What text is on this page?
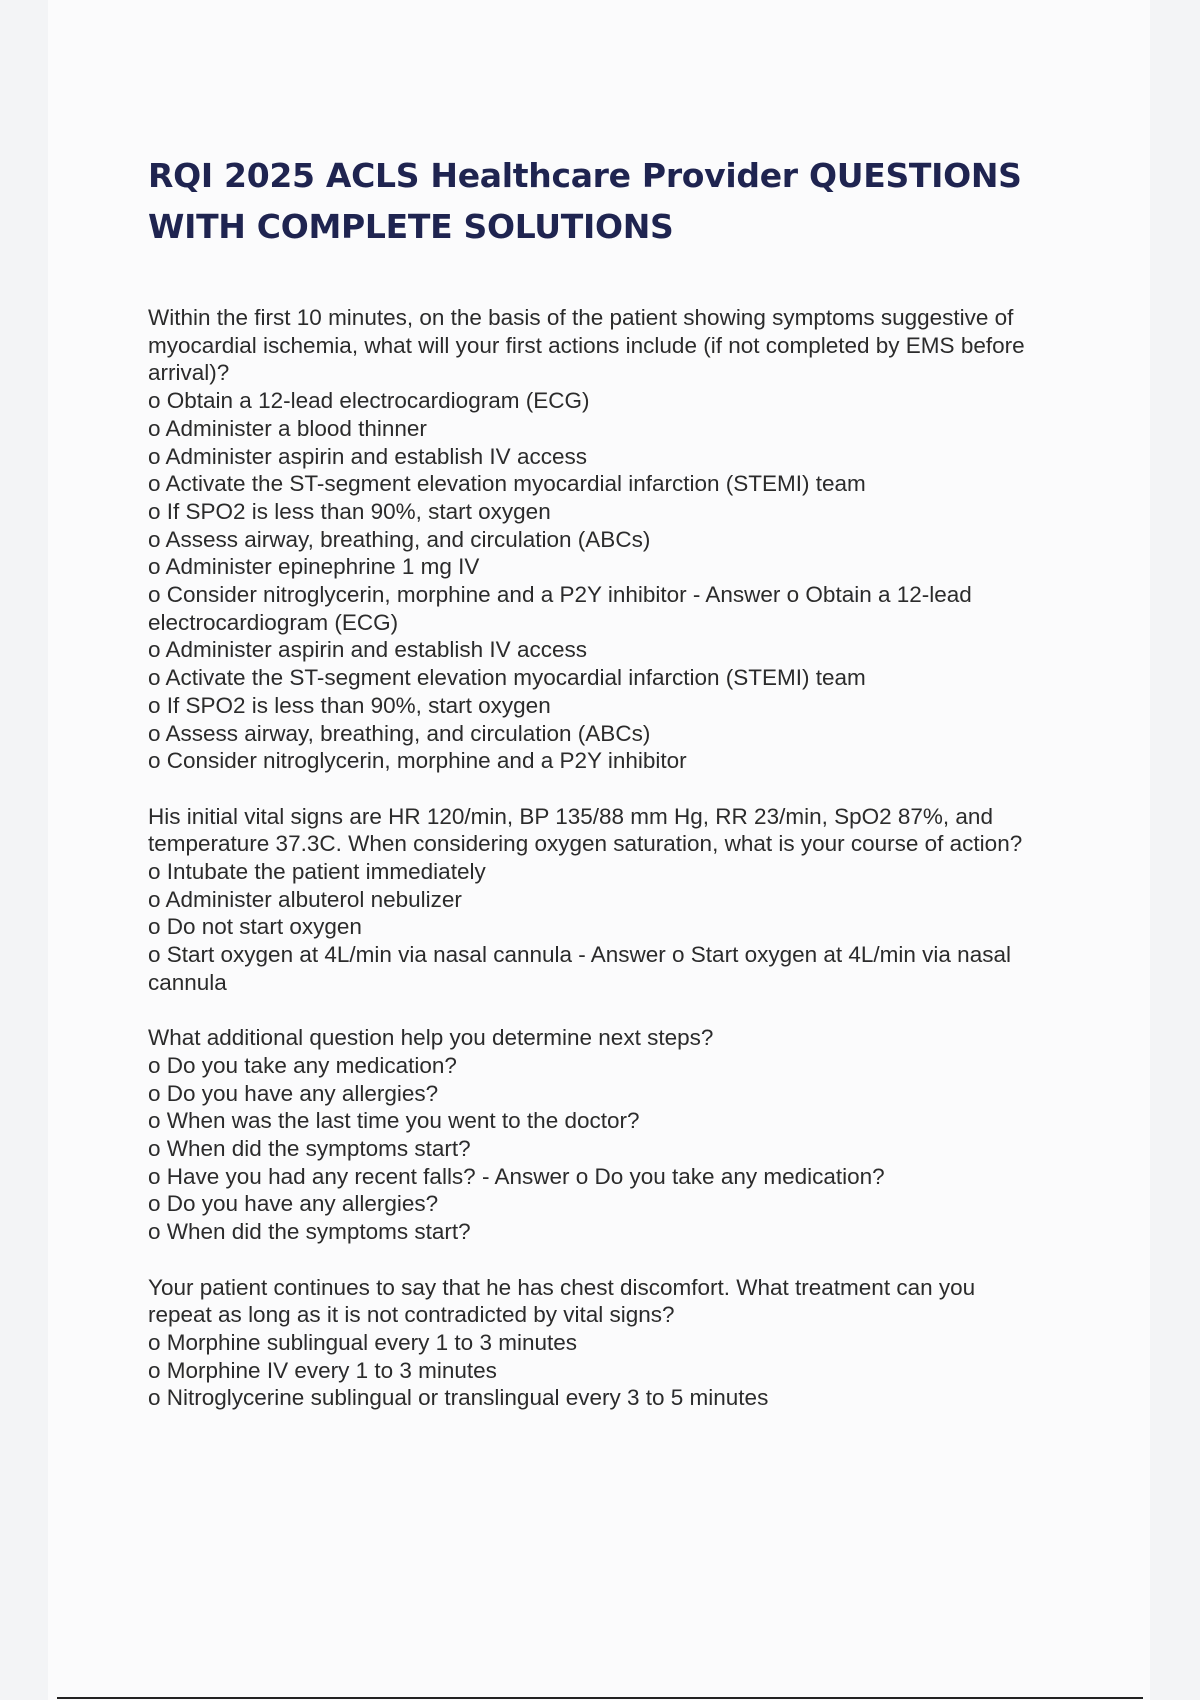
RQI 2025 ACLS Healthcare Provider QUESTIONS
WITH COMPLETE SOLUTIONS
Within the first 10 minutes, on the basis of the patient showing symptoms suggestive of
myocardial ischemia, what will your first actions include (if not completed by EMS before
arrival)?
o Obtain a 12-lead electrocardiogram (ECG)
o Administer a blood thinner
o Administer aspirin and establish IV access
o Activate the ST-segment elevation myocardial infarction (STEMI) team
o If SPO2 is less than 90%, start oxygen
o Assess airway, breathing, and circulation (ABCs)
o Administer epinephrine 1 mg IV
o Consider nitroglycerin, morphine and a P2Y inhibitor - Answer o Obtain a 12-lead
electrocardiogram (ECG)
o Administer aspirin and establish IV access
o Activate the ST-segment elevation myocardial infarction (STEMI) team
o If SPO2 is less than 90%, start oxygen
o Assess airway, breathing, and circulation (ABCs)
o Consider nitroglycerin, morphine and a P2Y inhibitor
His initial vital signs are HR 120/min, BP 135/88 mm Hg, RR 23/min, SpO2 87%, and
temperature 37.3C. When considering oxygen saturation, what is your course of action?
o Intubate the patient immediately
o Administer albuterol nebulizer
o Do not start oxygen
o Start oxygen at 4L/min via nasal cannula - Answer o Start oxygen at 4L/min via nasal
cannula
What additional question help you determine next steps?
o Do you take any medication?
o Do you have any allergies?
o When was the last time you went to the doctor?
o When did the symptoms start?
o Have you had any recent falls? - Answer o Do you take any medication?
o Do you have any allergies?
o When did the symptoms start?
Your patient continues to say that he has chest discomfort. What treatment can you
repeat as long as it is not contradicted by vital signs?
o Morphine sublingual every 1 to 3 minutes
o Morphine IV every 1 to 3 minutes
o Nitroglycerine sublingual or translingual every 3 to 5 minutes
